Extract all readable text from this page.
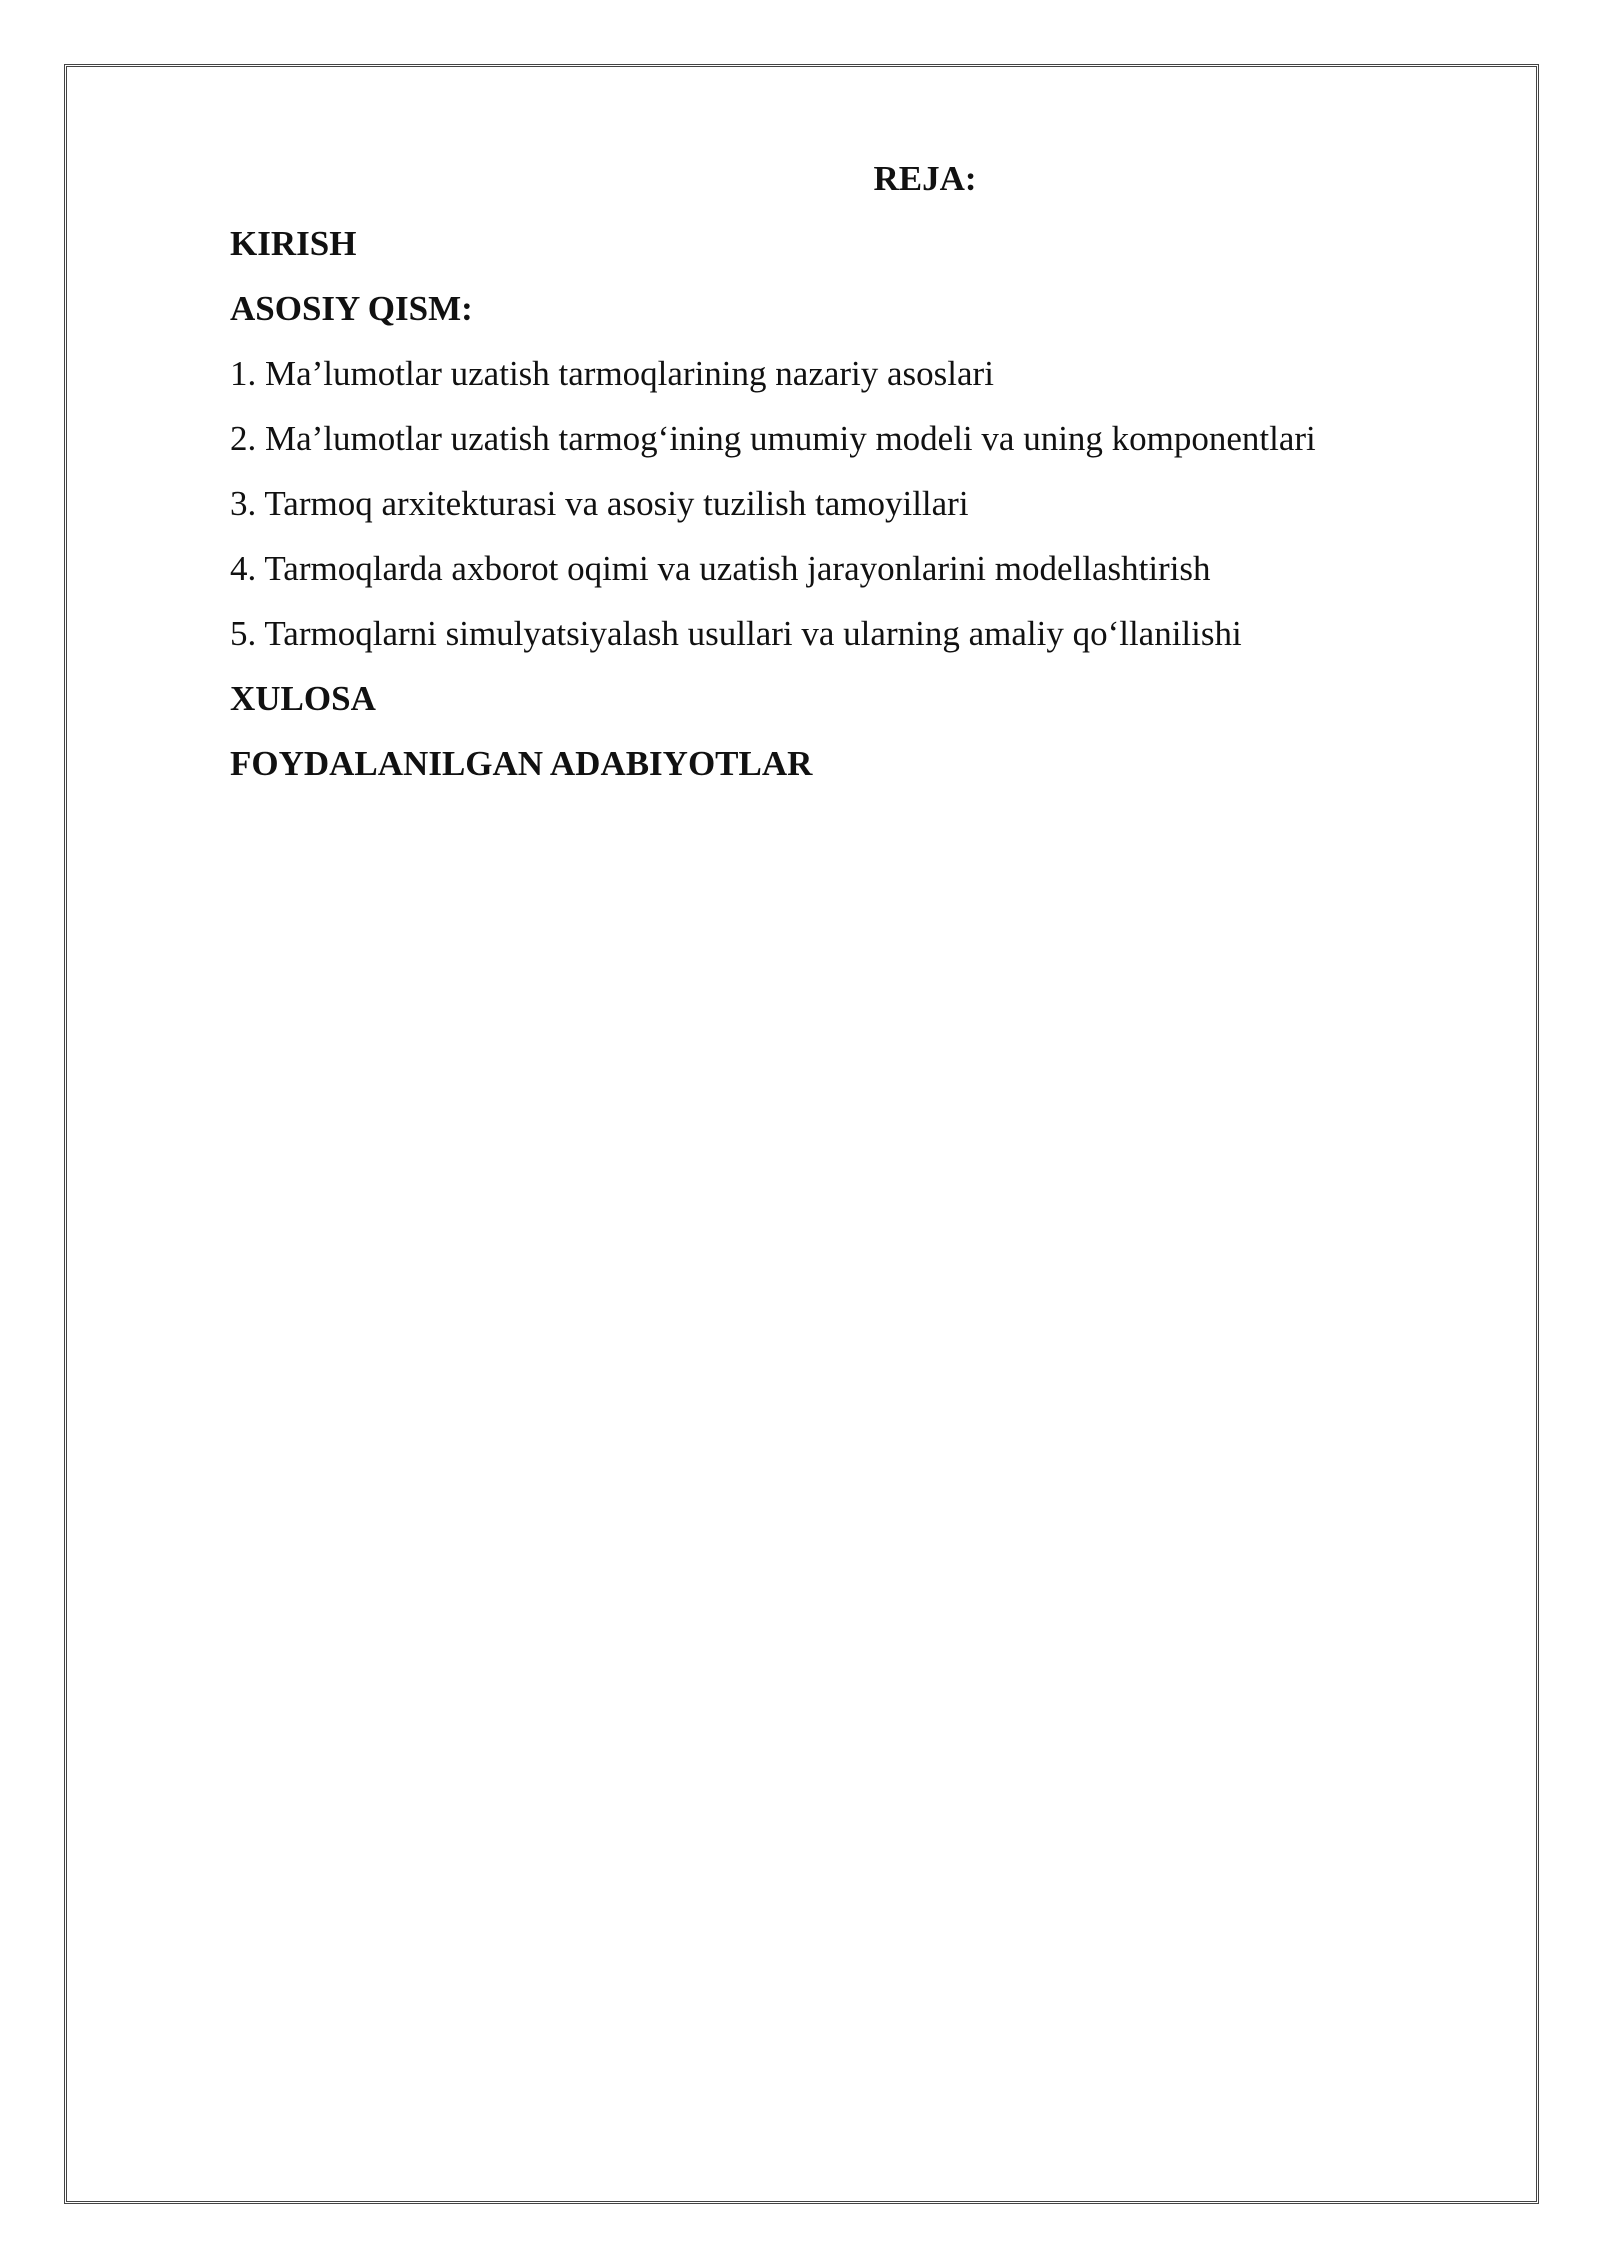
REJA:

KIRISH

ASOSIY QISM:

1. Ma’lumotlar uzatish tarmoqlarining nazariy asoslari

2. Ma’lumotlar uzatish tarmog‘ining umumiy modeli va uning komponentlari

3. Tarmoq arxitekturasi va asosiy tuzilish tamoyillari

4. Tarmoqlarda axborot oqimi va uzatish jarayonlarini modellashtirish

5. Tarmoqlarni simulyatsiyalash usullari va ularning amaliy qo‘llanilishi

XULOSA

FOYDALANILGAN ADABIYOTLAR
